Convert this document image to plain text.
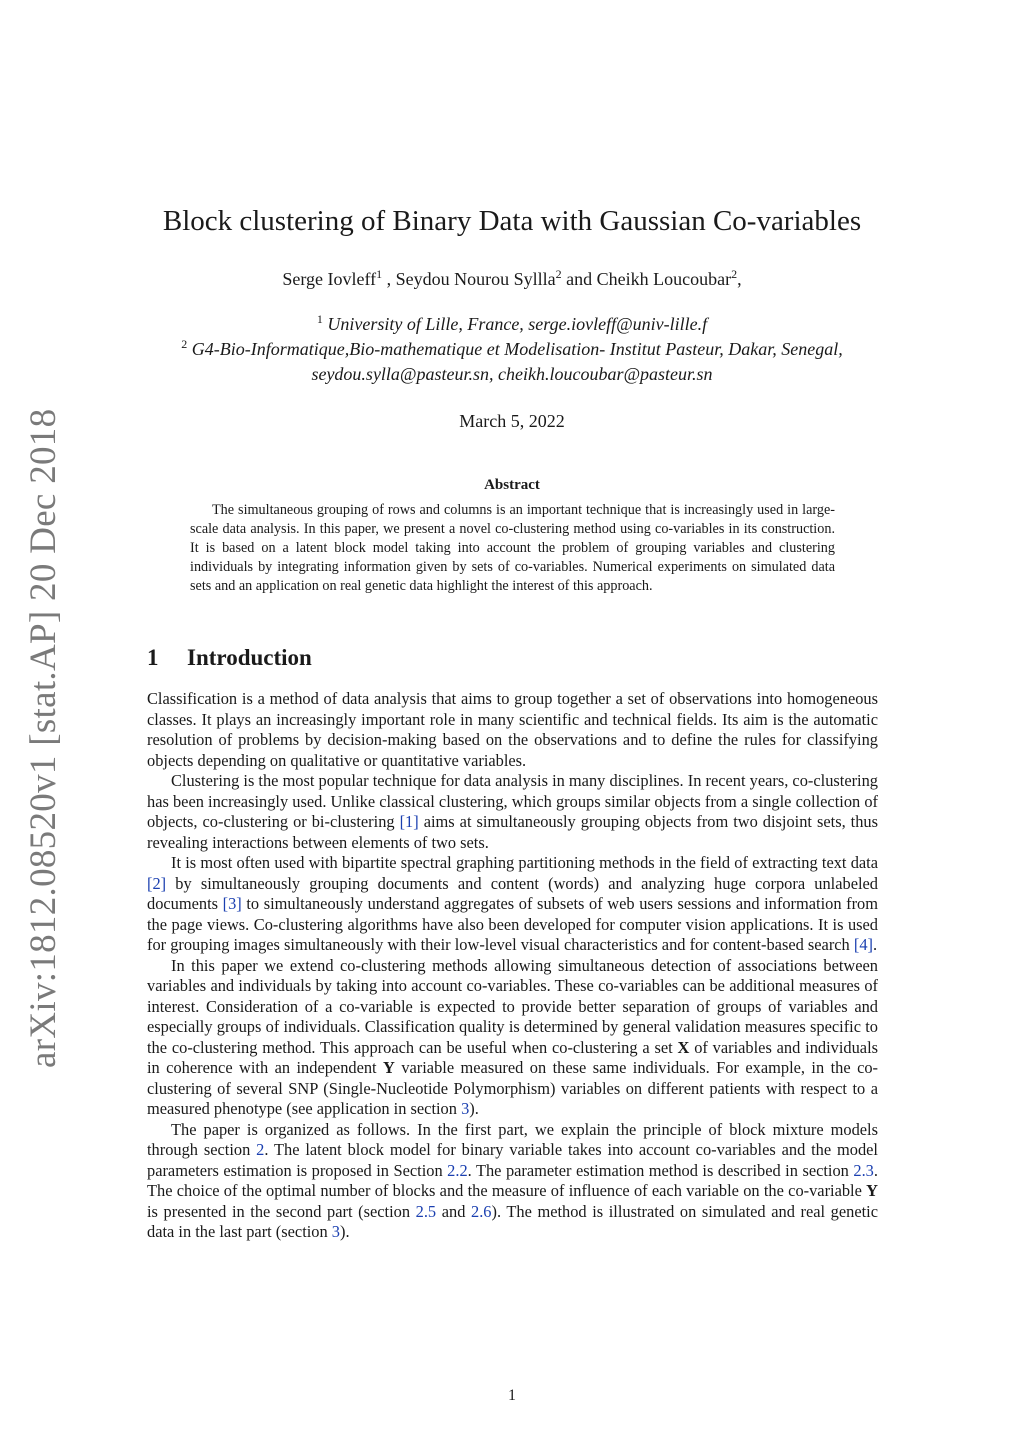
arXiv:1812.08520v1 [stat.AP] 20 Dec 2018
Block clustering of Binary Data with Gaussian Co-variables
Serge Iovleff$^1$ , Seydou Nourou Syllla$^2$ and Cheikh Loucoubar$^2$,
$^1$ University of Lille, France, serge.iovleff@univ-lille.f
$^2$ G4-Bio-Informatique,Bio-mathematique et Modelisation- Institut Pasteur, Dakar, Senegal, seydou.sylla@pasteur.sn, cheikh.loucoubar@pasteur.sn
March 5, 2022
Abstract

The simultaneous grouping of rows and columns is an important technique that is increasingly used in large-scale data analysis. In this paper, we present a novel co-clustering method using co-variables in its construction. It is based on a latent block model taking into account the problem of grouping variables and clustering individuals by integrating information given by sets of co-variables. Numerical experiments on simulated data sets and an application on real genetic data highlight the interest of this approach.

1 Introduction

Classification is a method of data analysis that aims to group together a set of observations into homogeneous classes. It plays an increasingly important role in many scientific and technical fields. Its aim is the automatic resolution of problems by decision-making based on the observations and to define the rules for classifying objects depending on qualitative or quantitative variables.

Clustering is the most popular technique for data analysis in many disciplines. In recent years, co-clustering has been increasingly used. Unlike classical clustering, which groups similar objects from a single collection of objects, co-clustering or bi-clustering [1] aims at simultaneously grouping objects from two disjoint sets, thus revealing interactions between elements of two sets.

It is most often used with bipartite spectral graphing partitioning methods in the field of extracting text data [2] by simultaneously grouping documents and content (words) and analyzing huge corpora unlabeled documents [3] to simultaneously understand aggregates of subsets of web users sessions and information from the page views. Co-clustering algorithms have also been developed for computer vision applications. It is used for grouping images simultaneously with their low-level visual characteristics and for content-based search [4].

In this paper we extend co-clustering methods allowing simultaneous detection of associations between variables and individuals by taking into account co-variables. These co-variables can be additional measures of interest. Consideration of a co-variable is expected to provide better separation of groups of variables and especially groups of individuals. Classification quality is determined by general validation measures specific to the co-clustering method. This approach can be useful when co-clustering a set X of variables and individuals in coherence with an independent Y variable measured on these same individuals. For example, in the co-clustering of several SNP (Single-Nucleotide Polymorphism) variables on different patients with respect to a measured phenotype (see application in section 3).

The paper is organized as follows. In the first part, we explain the principle of block mixture models through section 2. The latent block model for binary variable takes into account co-variables and the model parameters estimation is proposed in Section 2.2. The parameter estimation method is described in section 2.3. The choice of the optimal number of blocks and the measure of influence of each variable on the co-variable Y is presented in the second part (section 2.5 and 2.6). The method is illustrated on simulated and real genetic data in the last part (section 3).

1
